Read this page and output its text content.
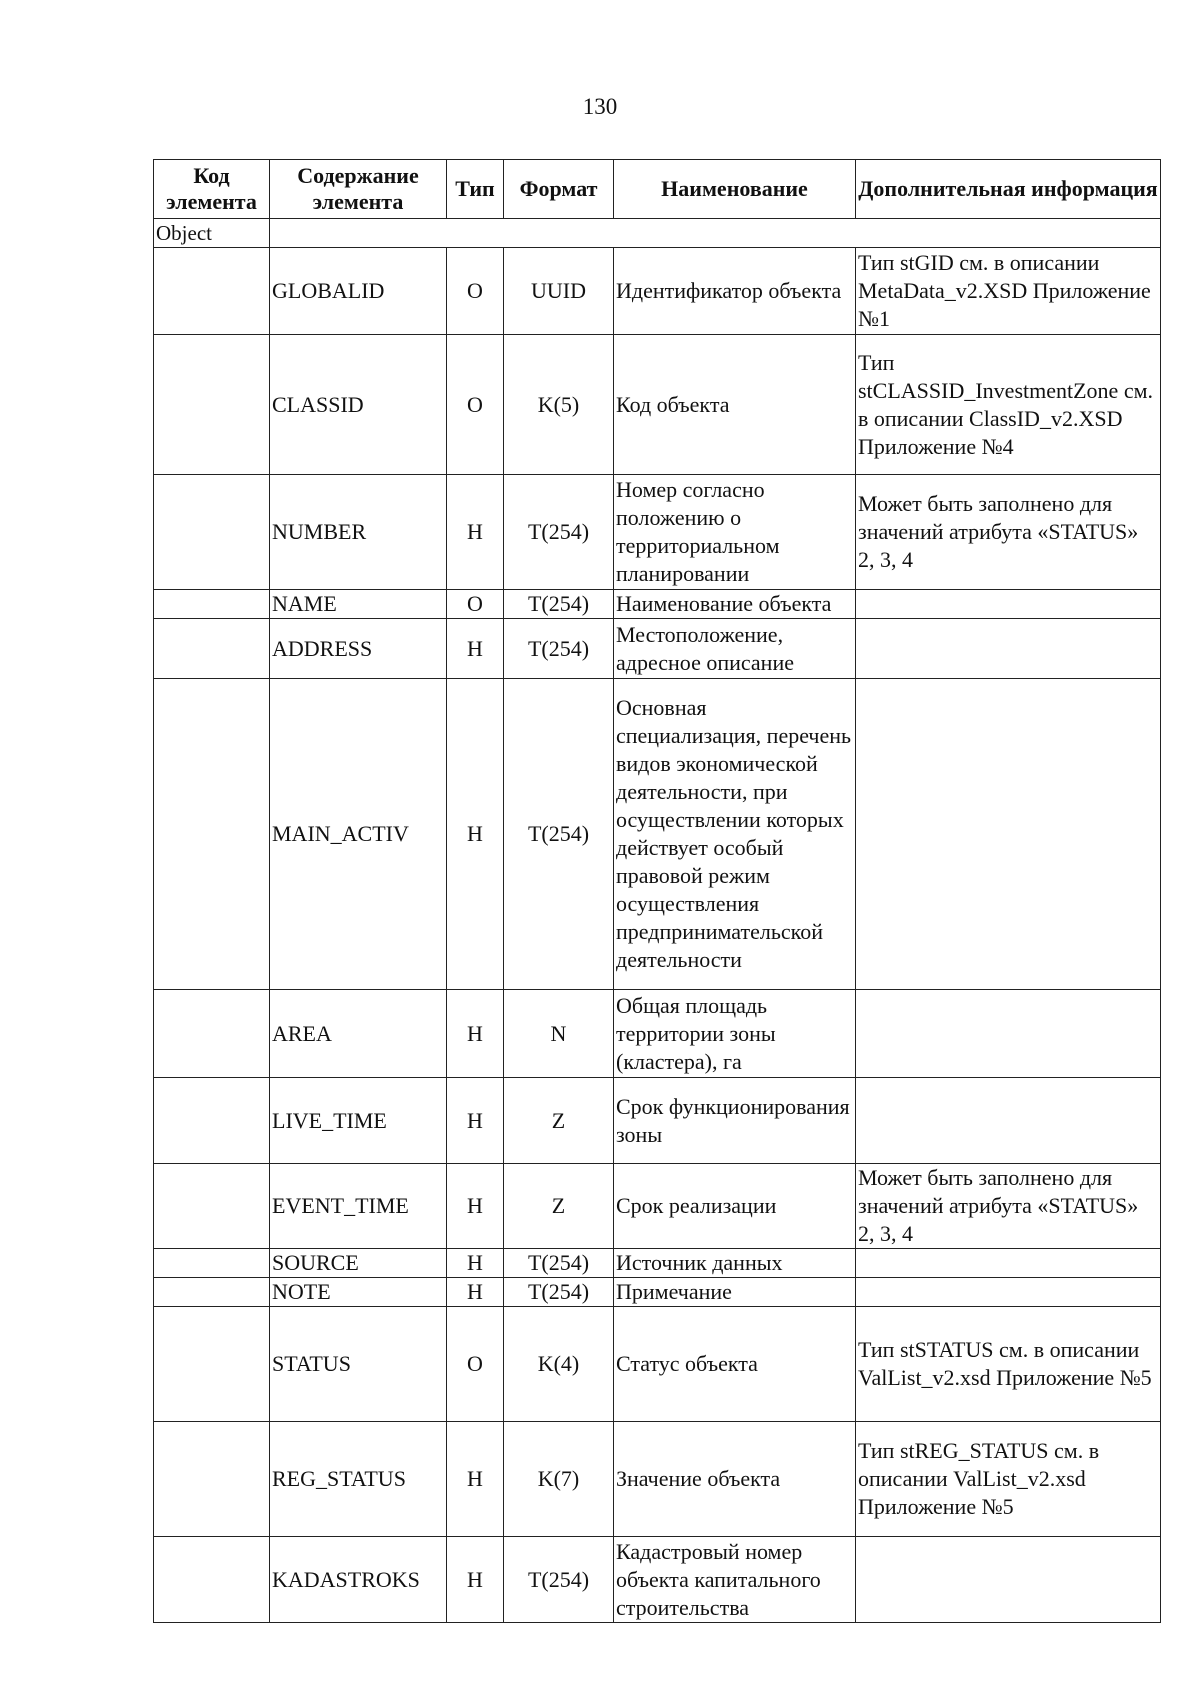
130
Код элемента	Содержание элемента	Тип	Формат	Наименование	Дополнительная информация
Object					
	GLOBALID	О	UUID	Идентификатор объекта	Тип stGID см. в описании MetaData_v2.XSD Приложение №1
	CLASSID	О	K(5)	Код объекта	Тип stCLASSID_InvestmentZone см. в описании ClassID_v2.XSD Приложение №4
	NUMBER	Н	T(254)	Номер согласно положению о территориальном планировании	Может быть заполнено для значений атрибута «STATUS» 2, 3, 4
	NAME	О	T(254)	Наименование объекта	
	ADDRESS	Н	T(254)	Местоположение, адресное описание	
	MAIN_ACTIV	Н	T(254)	Основная специализация, перечень видов экономической деятельности, при осуществлении которых действует особый правовой режим осуществления предпринимательской деятельности	
	AREA	Н	N	Общая площадь территории зоны (кластера), га	
	LIVE_TIME	Н	Z	Срок функционирования зоны	
	EVENT_TIME	Н	Z	Срок реализации	Может быть заполнено для значений атрибута «STATUS» 2, 3, 4
	SOURCE	Н	T(254)	Источник данных	
	NOTE	Н	T(254)	Примечание	
	STATUS	О	K(4)	Статус объекта	Тип stSTATUS см. в описании ValList_v2.xsd Приложение №5
	REG_STATUS	Н	K(7)	Значение объекта	Тип stREG_STATUS см. в описании ValList_v2.xsd Приложение №5
	KADASTROKS	Н	T(254)	Кадастровый номер объекта капитального строительства	
